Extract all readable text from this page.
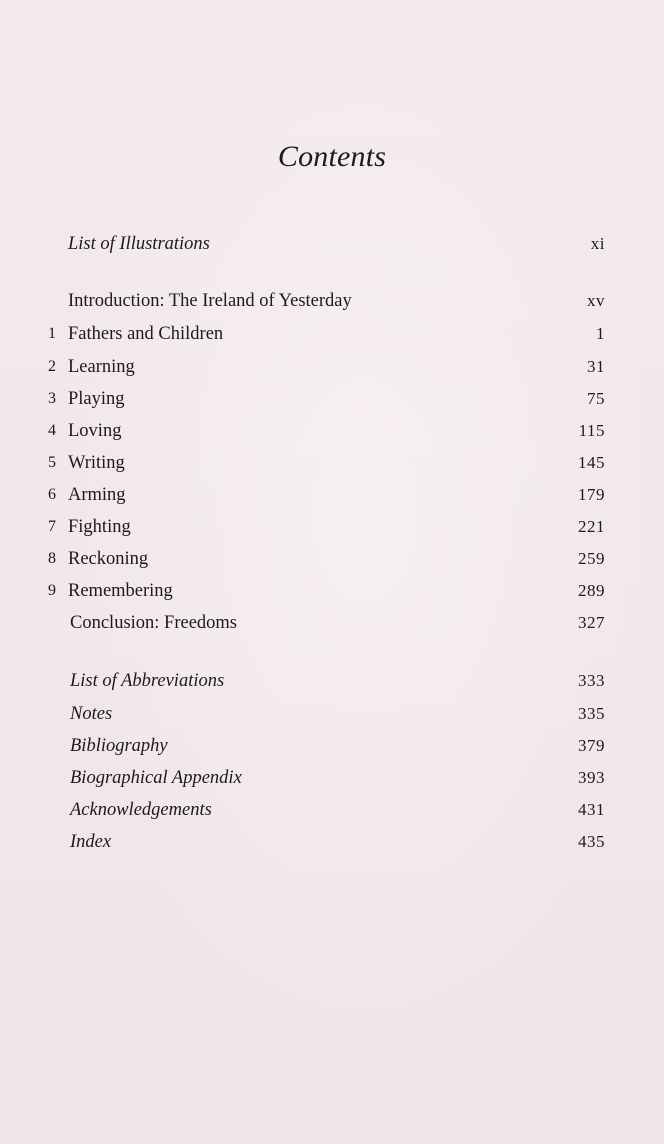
Contents
List of Illustrations	xi
Introduction: The Ireland of Yesterday	xv
1 Fathers and Children	1
2 Learning	31
3 Playing	75
4 Loving	115
5 Writing	145
6 Arming	179
7 Fighting	221
8 Reckoning	259
9 Remembering	289
Conclusion: Freedoms	327
List of Abbreviations	333
Notes	335
Bibliography	379
Biographical Appendix	393
Acknowledgements	431
Index	435
